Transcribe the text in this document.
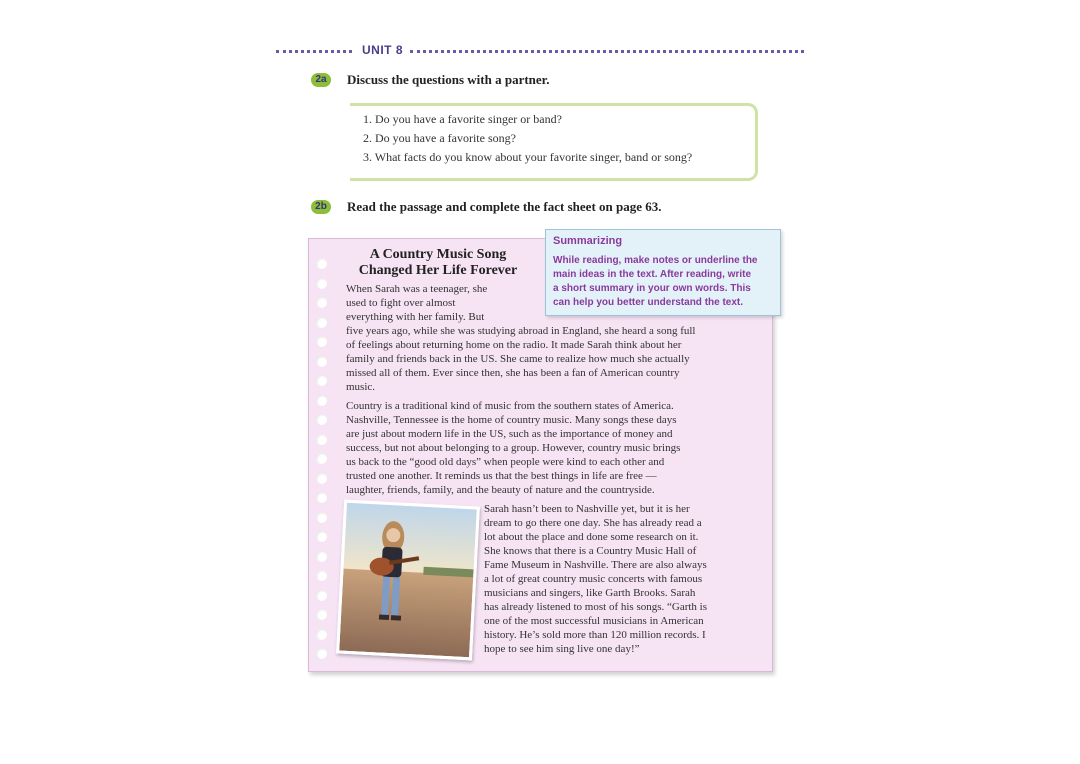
UNIT 8
2a	Discuss the questions with a partner.
1. Do you have a favorite singer or band?
2. Do you have a favorite song?
3. What facts do you know about your favorite singer, band or song?
2b	Read the passage and complete the fact sheet on page 63.
A Country Music Song
Changed Her Life Forever
Summarizing
While reading, make notes or underline the
main ideas in the text. After reading, write
a short summary in your own words. This
can help you better understand the text.
When Sarah was a teenager, she
used to fight over almost
everything with her family. But
five years ago, while she was studying abroad in England, she heard a song full
of feelings about returning home on the radio. It made Sarah think about her
family and friends back in the US. She came to realize how much she actually
missed all of them. Ever since then, she has been a fan of American country
music.
Country is a traditional kind of music from the southern states of America.
Nashville, Tennessee is the home of country music. Many songs these days
are just about modern life in the US, such as the importance of money and
success, but not about belonging to a group. However, country music brings
us back to the “good old days” when people were kind to each other and
trusted one another. It reminds us that the best things in life are free —
laughter, friends, family, and the beauty of nature and the countryside.
Sarah hasn’t been to Nashville yet, but it is her
dream to go there one day. She has already read a
lot about the place and done some research on it.
She knows that there is a Country Music Hall of
Fame Museum in Nashville. There are also always
a lot of great country music concerts with famous
musicians and singers, like Garth Brooks. Sarah
has already listened to most of his songs. “Garth is
one of the most successful musicians in American
history. He’s sold more than 120 million records. I
hope to see him sing live one day!”
